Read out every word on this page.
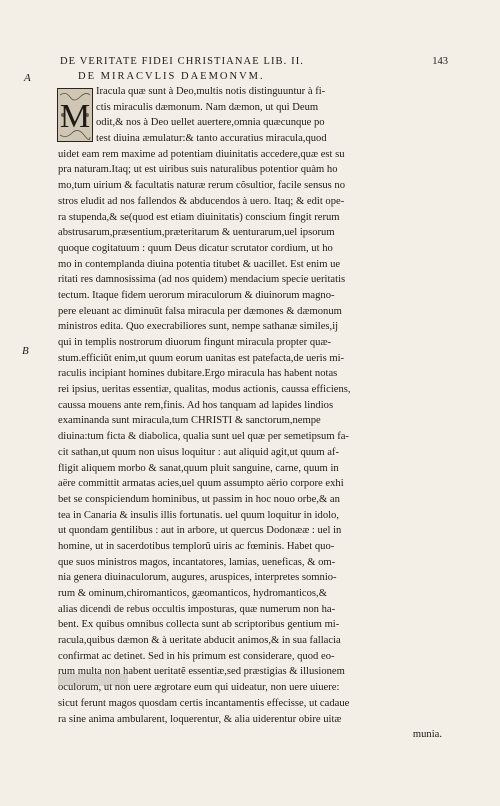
DE VERITATE FIDEI CHRISTIANAE LIB. II.	143
A
B
DE MIRACVLIS DAEMONVM.
M
Iracula quæ sunt à Deo,multis notis distinguuntur à fi-
ctis miraculis dæmonum. Nam dæmon, ut qui Deum
odit,& nos à Deo uellet auertere,omnia quæcunque po
test diuina æmulatur:& tanto accuratius miracula,quod
uidet eam rem maxime ad potentiam diuinitatis accedere,quæ est su
pra naturam.Itaq; ut est uiribus suis naturalibus potentior quàm ho
mo,tum uirium & facultatis naturæ rerum cõsultior, facile sensus no
stros eludit ad nos fallendos & abducendos à uero. Itaq; & edit ope-
ra stupenda,& se(quod est etiam diuinitatis) conscium fingit rerum
abstrusarum,præsentium,præteritarum & uenturarum,uel ipsorum
quoque cogitatuum : quum Deus dicatur scrutator cordium, ut ho
mo in contemplanda diuina potentia titubet & uacillet. Est enim ue
ritati res damnosissima (ad nos quidem) mendacium specie ueritatis
tectum. Itaque fidem uerorum miraculorum & diuinorum magno-
pere eleuant ac diminuũt falsa miracula per dæmones & dæmonum
ministros edita. Quo execrabiliores sunt, nempe sathanæ similes,ij
qui in templis nostrorum diuorum fingunt miracula propter quæ-
stum.efficiũt enim,ut quum eorum uanitas est patefacta,de ueris mi-
raculis incipiant homines dubitare.Ergo miracula has habent notas
rei ipsius, ueritas essentiæ, qualitas, modus actionis, caussa efficiens,
caussa mouens ante rem,finis. Ad hos tanquam ad lapides lindios
examinanda sunt miracula,tum CHRISTI & sanctorum,nempe
diuina:tum ficta & diabolica, qualia sunt uel quæ per semetipsum fa-
cit sathan,ut quum non uisus loquitur : aut aliquid agit,ut quum af-
fligit aliquem morbo & sanat,quum pluit sanguine, carne, quum in
aëre committit armatas acies,uel quum assumpto aërio corpore exhi
bet se conspiciendum hominibus, ut passim in hoc nouo orbe,& an
tea in Canaria & insulis illis fortunatis. uel quum loquitur in idolo,
ut quondam gentilibus : aut in arbore, ut quercus Dodonææ : uel in
homine, ut in sacerdotibus templorũ uiris ac fœminis. Habet quo-
que suos ministros magos, incantatores, lamias, ueneficas, & om-
nia genera diuinaculorum, augures, aruspices, interpretes somnio-
rum & ominum,chiromanticos, gæomanticos, hydromanticos,&
alias dicendi de rebus occultis imposturas, quæ numerum non ha-
bent. Ex quibus omnibus collecta sunt ab scriptoribus gentium mi-
racula,quibus dæmon & à ueritate abducit animos,& in sua fallacia
confirmat ac detinet. Sed in his primum est considerare, quod eo-
rum multa non habent ueritatẽ essentiæ,sed præstigias & illusionem
oculorum, ut non uere ægrotare eum qui uideatur, non uere uiuere:
sicut ferunt magos quosdam certis incantamentis effecisse, ut cadaue
ra sine anima ambularent, loquerentur, & alia uiderentur obire uitæ
munia.
